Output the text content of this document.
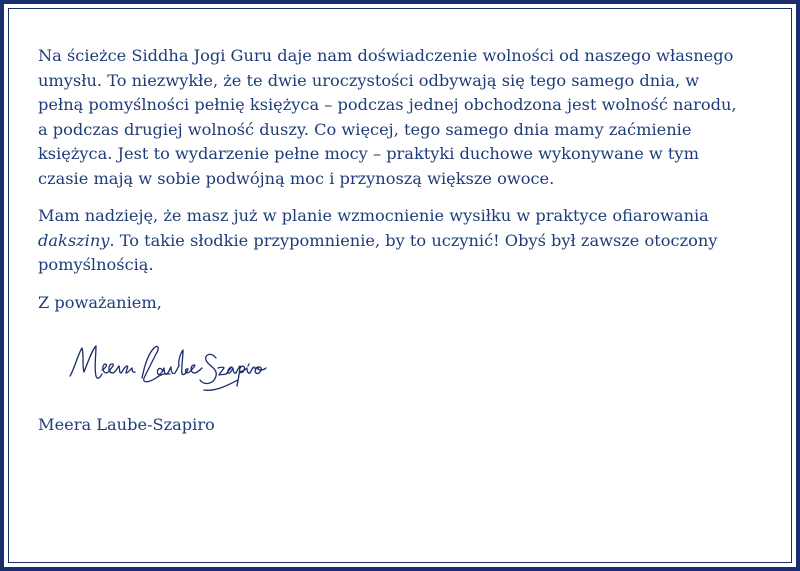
Na ścieżce Siddha Jogi Guru daje nam doświadczenie wolności od naszego własnego
umysłu. To niezwykłe, że te dwie uroczystości odbywają się tego samego dnia, w
pełną pomyślności pełnię księżyca – podczas jednej obchodzona jest wolność narodu,
a podczas drugiej wolność duszy. Co więcej, tego samego dnia mamy zaćmienie
księżyca. Jest to wydarzenie pełne mocy – praktyki duchowe wykonywane w tym
czasie mają w sobie podwójną moc i przynoszą większe owoce.

Mam nadzieję, że masz już w planie wzmocnienie wysiłku w praktyce ofiarowania
daksziny. To takie słodkie przypomnienie, by to uczynić! Obyś był zawsze otoczony
pomyślnością.

Z poważaniem,

Meera Laube-Szapiro
